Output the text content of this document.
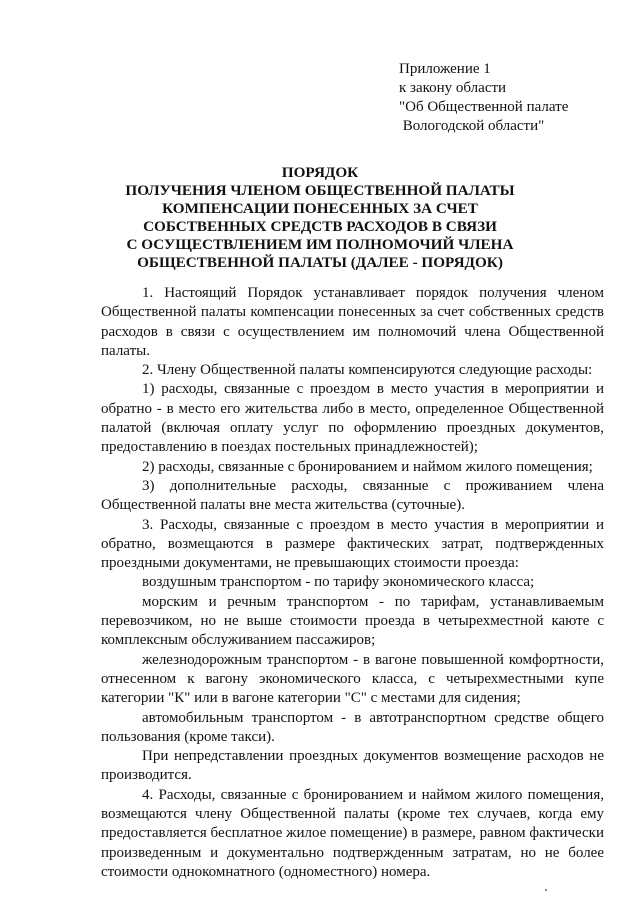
Приложение 1
к закону области
"Об Общественной палате
Вологодской области"
ПОРЯДОК
ПОЛУЧЕНИЯ ЧЛЕНОМ ОБЩЕСТВЕННОЙ ПАЛАТЫ
КОМПЕНСАЦИИ ПОНЕСЕННЫХ ЗА СЧЕТ
СОБСТВЕННЫХ СРЕДСТВ РАСХОДОВ В СВЯЗИ
С ОСУЩЕСТВЛЕНИЕМ ИМ ПОЛНОМОЧИЙ ЧЛЕНА
ОБЩЕСТВЕННОЙ ПАЛАТЫ (ДАЛЕЕ - ПОРЯДОК)

1. Настоящий Порядок устанавливает порядок получения членом Общественной палаты компенсации понесенных за счет собственных средств расходов в связи с осуществлением им полномочий члена Общественной палаты.

2. Члену Общественной палаты компенсируются следующие расходы:

1) расходы, связанные с проездом в место участия в мероприятии и обратно - в место его жительства либо в место, определенное Общественной палатой (включая оплату услуг по оформлению проездных документов, предоставлению в поездах постельных принадлежностей);

2) расходы, связанные с бронированием и наймом жилого помещения;

3) дополнительные расходы, связанные с проживанием члена Общественной палаты вне места жительства (суточные).

3. Расходы, связанные с проездом в место участия в мероприятии и обратно, возмещаются в размере фактических затрат, подтвержденных проездными документами, не превышающих стоимости проезда:

воздушным транспортом - по тарифу экономического класса;

морским и речным транспортом - по тарифам, устанавливаемым перевозчиком, но не выше стоимости проезда в четырехместной каюте с комплексным обслуживанием пассажиров;

железнодорожным транспортом - в вагоне повышенной комфортности, отнесенном к вагону экономического класса, с четырехместными купе категории "К" или в вагоне категории "С" с местами для сидения;

автомобильным транспортом - в автотранспортном средстве общего пользования (кроме такси).

При непредставлении проездных документов возмещение расходов не производится.

4. Расходы, связанные с бронированием и наймом жилого помещения, возмещаются члену Общественной палаты (кроме тех случаев, когда ему предоставляется бесплатное жилое помещение) в размере, равном фактически произведенным и документально подтвержденным затратам, но не более стоимости однокомнатного (одноместного) номера.
